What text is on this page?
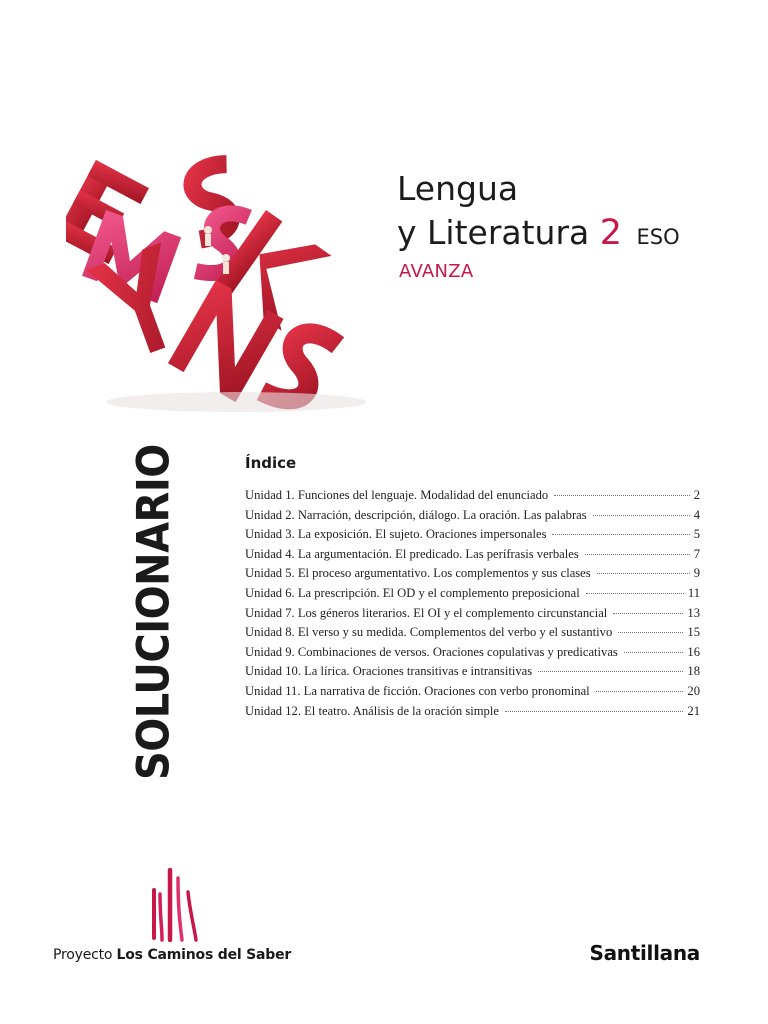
Lengua
y Literatura 2 ESO
AVANZA
SOLUCIONARIO	Índice
Unidad 1. Funciones del lenguaje. Modalidad del enunciado	2
Unidad 2. Narración, descripción, diálogo. La oración. Las palabras	4
Unidad 3. La exposición. El sujeto. Oraciones impersonales	5
Unidad 4. La argumentación. El predicado. Las perífrasis verbales	7
Unidad 5. El proceso argumentativo. Los complementos y sus clases	9
Unidad 6. La prescripción. El OD y el complemento preposicional	11
Unidad 7. Los géneros literarios. El OI y el complemento circunstancial	13
Unidad 8. El verso y su medida. Complementos del verbo y el sustantivo	15
Unidad 9. Combinaciones de versos. Oraciones copulativas y predicativas	16
Unidad 10. La lírica. Oraciones transitivas e intransitivas	18
Unidad 11. La narrativa de ficción. Oraciones con verbo pronominal	20
Unidad 12. El teatro. Análisis de la oración simple	21
Proyecto Los Caminos del Saber	Santillana
